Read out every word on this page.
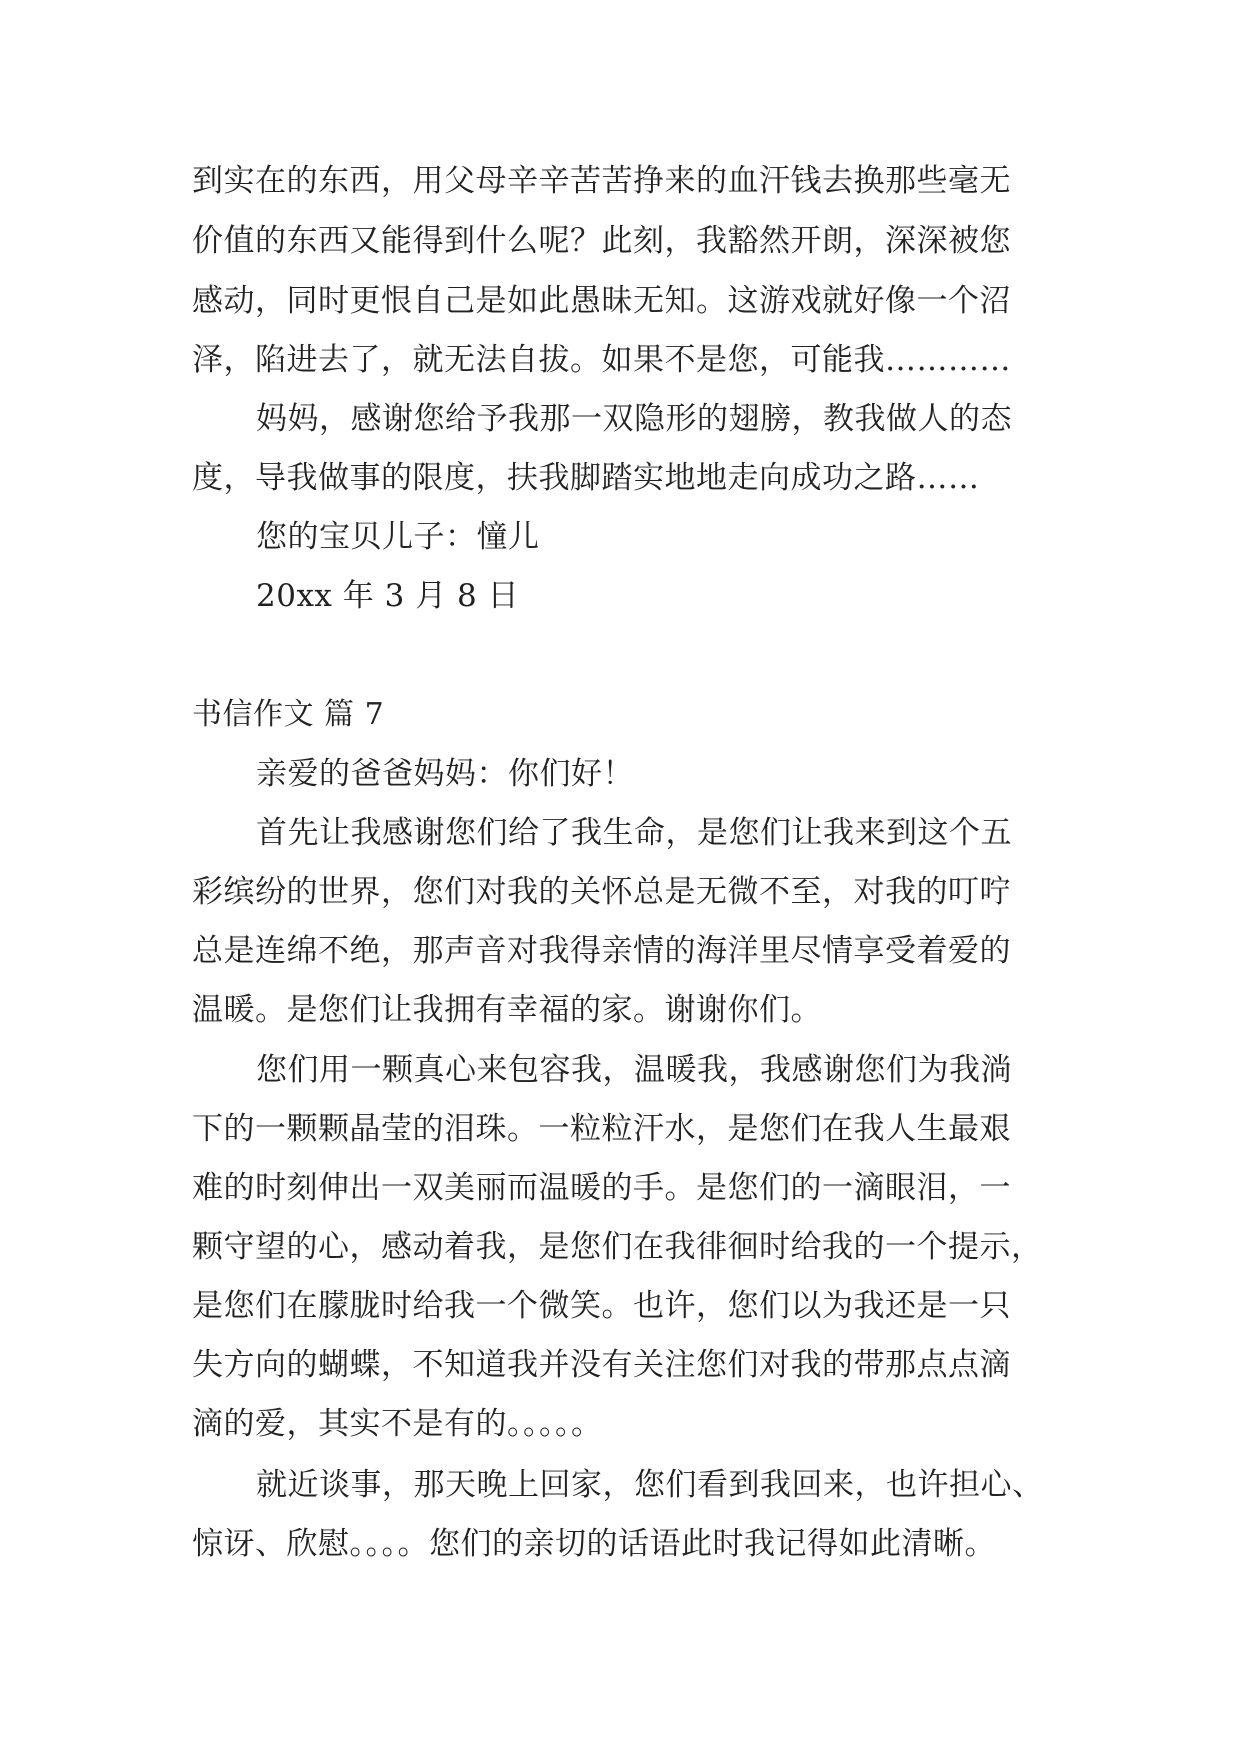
到实在的东西，用父母辛辛苦苦挣来的血汗钱去换那些毫无
价值的东西又能得到什么呢？此刻，我豁然开朗，深深被您
感动，同时更恨自己是如此愚昧无知。这游戏就好像一个沼
泽，陷进去了，就无法自拔。如果不是您，可能我…………
妈妈，感谢您给予我那一双隐形的翅膀，教我做人的态
度，导我做事的限度，扶我脚踏实地地走向成功之路……
您的宝贝儿子：憧儿
20xx 年 3 月 8 日
书信作文 篇 7
亲爱的爸爸妈妈：你们好！
首先让我感谢您们给了我生命，是您们让我来到这个五
彩缤纷的世界，您们对我的关怀总是无微不至，对我的叮咛
总是连绵不绝，那声音对我得亲情的海洋里尽情享受着爱的
温暖。是您们让我拥有幸福的家。谢谢你们。
您们用一颗真心来包容我，温暖我，我感谢您们为我淌
下的一颗颗晶莹的泪珠。一粒粒汗水，是您们在我人生最艰
难的时刻伸出一双美丽而温暖的手。是您们的一滴眼泪，一
颗守望的心，感动着我，是您们在我徘徊时给我的一个提示，
是您们在朦胧时给我一个微笑。也许，您们以为我还是一只
失方向的蝴蝶，不知道我并没有关注您们对我的带那点点滴
滴的爱，其实不是有的。。。。。
就近谈事，那天晚上回家，您们看到我回来，也许担心、
惊讶、欣慰。。。。您们的亲切的话语此时我记得如此清晰。
